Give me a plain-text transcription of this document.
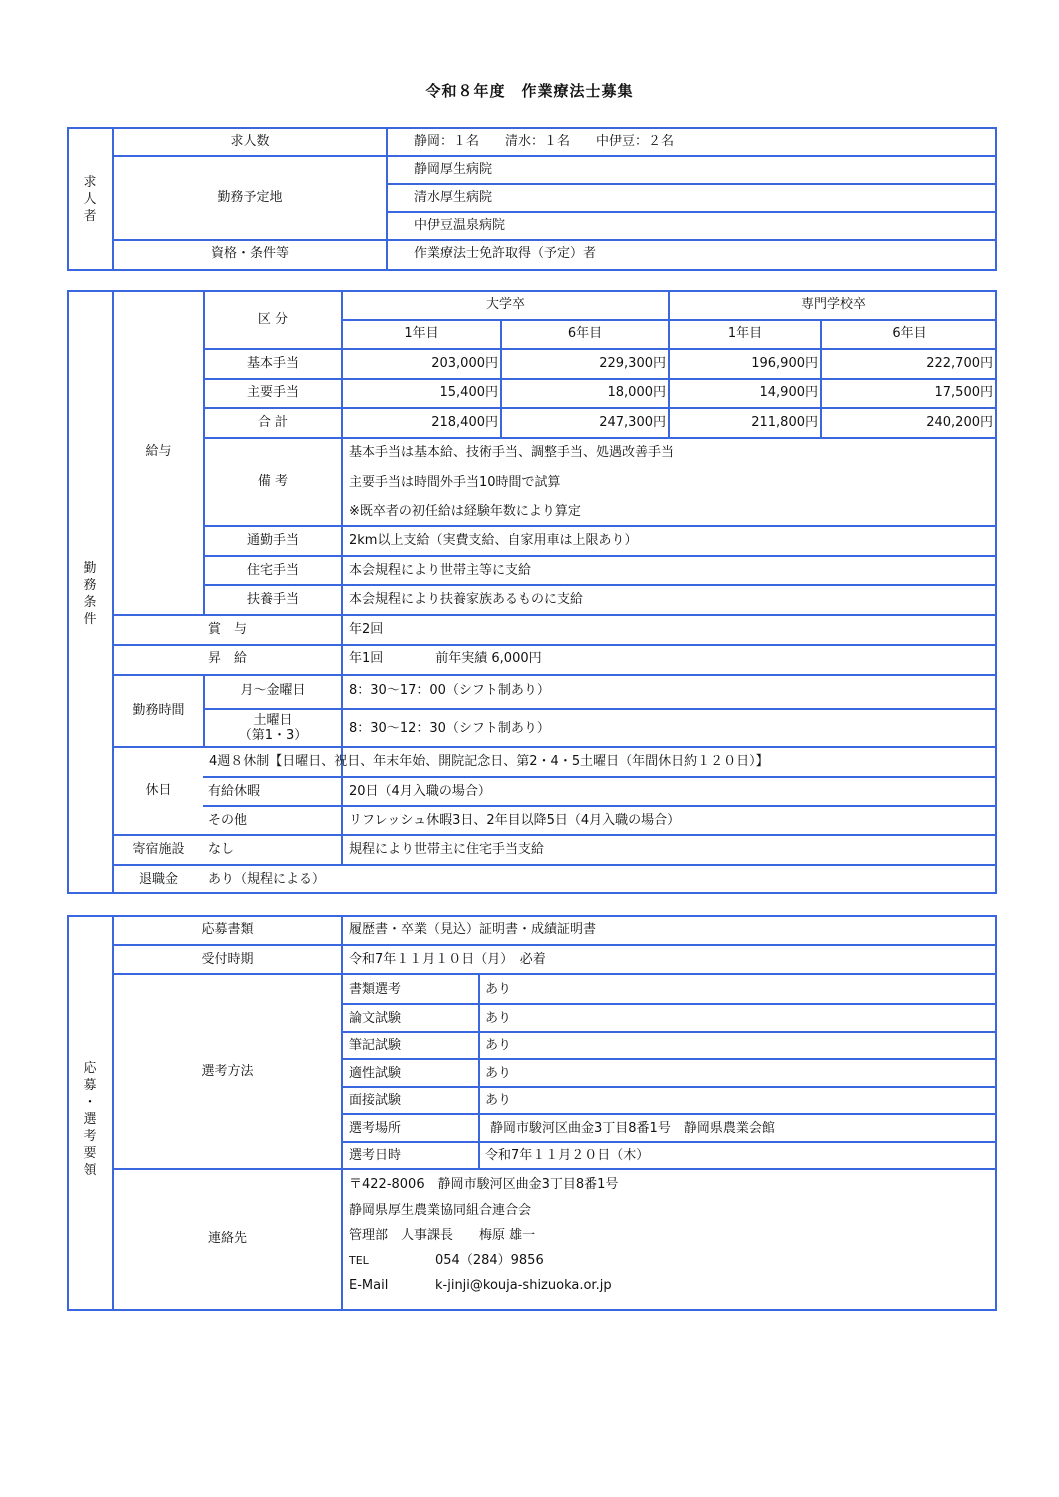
令和８年度　作業療法士募集
求
人
者
求人数	静岡：１名　　清水：１名　　中伊豆：２名
勤務予定地
静岡厚生病院
清水厚生病院
中伊豆温泉病院
資格・条件等	作業療法士免許取得（予定）者
勤
務
条
件
給与
区 分
大学卒	専門学校卒
1年目	6年目	1年目	6年目
基本手当	203,000円	229,300円	196,900円	222,700円
主要手当	15,400円	18,000円	14,900円	17,500円
合 計	218,400円	247,300円	211,800円	240,200円
備 考
基本手当は基本給、技術手当、調整手当、処遇改善手当
主要手当は時間外手当10時間で試算
※既卒者の初任給は経験年数により算定
通勤手当	2km以上支給（実費支給、自家用車は上限あり）
住宅手当	本会規程により世帯主等に支給
扶養手当	本会規程により扶養家族あるものに支給
賞　与	年2回
昇　給	年1回　　　　前年実績 6,000円
勤務時間
月～金曜日	8：30～17：00（シフト制あり）
土曜日
（第1・3）	8：30～12：30（シフト制あり）
休日
4週８休制【日曜日、祝日、年末年始、開院記念日、第2・4・5土曜日（年間休日約１２０日）】
有給休暇	20日（4月入職の場合）
その他	リフレッシュ休暇3日、2年目以降5日（4月入職の場合）
寄宿施設	なし	規程により世帯主に住宅手当支給
退職金	あり（規程による）
応
募
・
選
考
要
領
応募書類	履歴書・卒業（見込）証明書・成績証明書
受付時期	令和7年１１月１０日（月）　必着
選考方法
書類選考	あり
論文試験	あり
筆記試験	あり
適性試験	あり
面接試験	あり
選考場所	静岡市駿河区曲金3丁目8番1号　静岡県農業会館
選考日時	令和7年１１月２０日（木）
連絡先
〒422-8006　静岡市駿河区曲金3丁目8番1号
静岡県厚生農業協同組合連合会
管理部　人事課長　　梅原 雄一
TEL	054（284）9856
E-Mail	k-jinji@kouja-shizuoka.or.jp
